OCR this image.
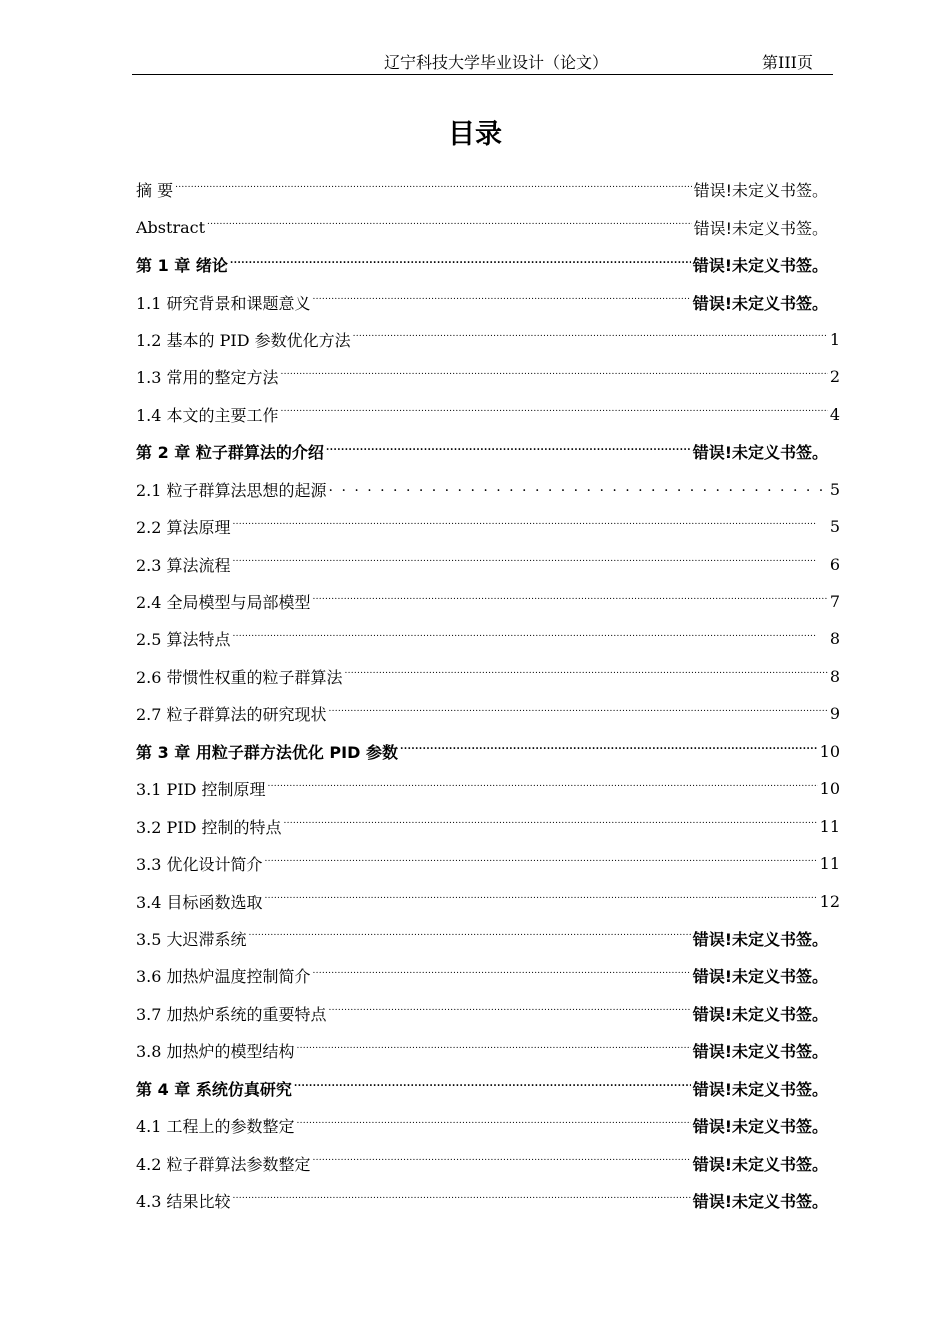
辽宁科技大学毕业设计（论文）	第III页
目录
摘 要 . . .	错误!未定义书签。
Abstract . . .	错误!未定义书签。
第 1 章 绪论 . . .	错误!未定义书签。
1.1 研究背景和课题意义 . . .	错误!未定义书签。
1.2 基本的 PID 参数优化方法 . . .	1
1.3 常用的整定方法 . . .	2
1.4 本文的主要工作 . . .	4
第 2 章 粒子群算法的介绍 . . .	错误!未定义书签。
2.1 粒子群算法思想的起源 . . .	5
2.2 算法原理 . . .	5
2.3 算法流程 . . .	6
2.4 全局模型与局部模型 . . .	7
2.5 算法特点 . . .	8
2.6 带惯性权重的粒子群算法 . . .	8
2.7 粒子群算法的研究现状 . . .	9
第 3 章 用粒子群方法优化 PID 参数 . . .	10
3.1 PID 控制原理 . . .	10
3.2 PID 控制的特点 . . .	11
3.3 优化设计简介 . . .	11
3.4 目标函数选取 . . .	12
3.5 大迟滞系统 . . .	错误!未定义书签。
3.6 加热炉温度控制简介 . . .	错误!未定义书签。
3.7 加热炉系统的重要特点 . . .	错误!未定义书签。
3.8 加热炉的模型结构 . . .	错误!未定义书签。
第 4 章 系统仿真研究 . . .	错误!未定义书签。
4.1 工程上的参数整定 . . .	错误!未定义书签。
4.2 粒子群算法参数整定 . . .	错误!未定义书签。
4.3 结果比较 . . .	错误!未定义书签。
